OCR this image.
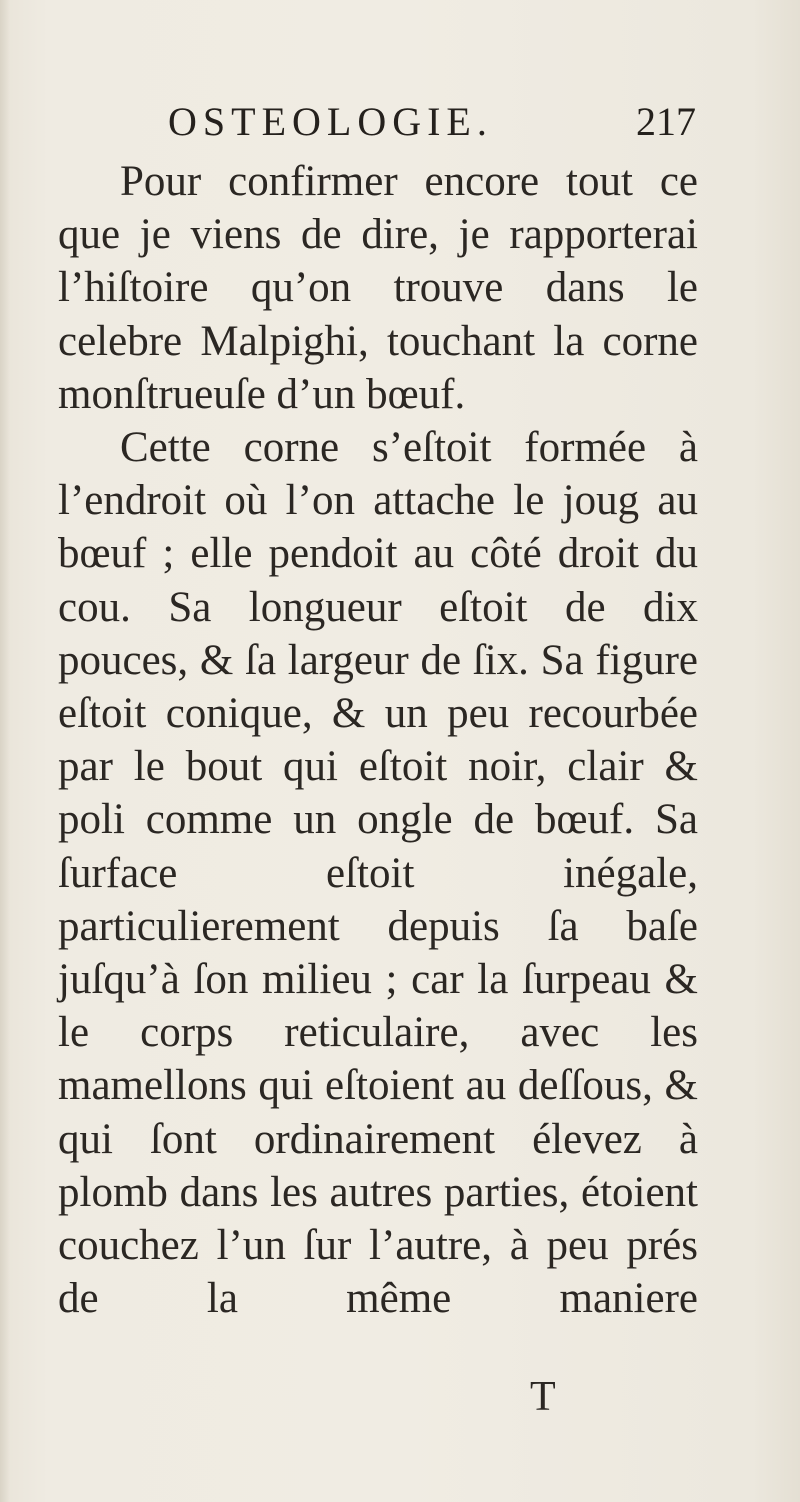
OSTEOLOGIE.	217

Pour confirmer encore tout ce que je viens de dire, je rapporterai l’hiſtoire qu’on trouve dans le celebre Malpighi, touchant la corne monſtrueuſe d’un bœuf.

Cette corne s’eſtoit formée à l’endroit où l’on attache le joug au bœuf ; elle pendoit au côté droit du cou. Sa longueur eſtoit de dix pouces, & ſa largeur de ſix. Sa figure eſtoit conique, & un peu recourbée par le bout qui eſtoit noir, clair & poli comme un ongle de bœuf. Sa ſurface eſtoit inégale, particulierement depuis ſa baſe juſqu’à ſon milieu ; car la ſurpeau & le corps reticulaire, avec les mamellons qui eſtoient au deſſous, & qui ſont ordinairement élevez à plomb dans les autres parties, étoient couchez l’un ſur l’autre, à peu prés de la même maniere

T
